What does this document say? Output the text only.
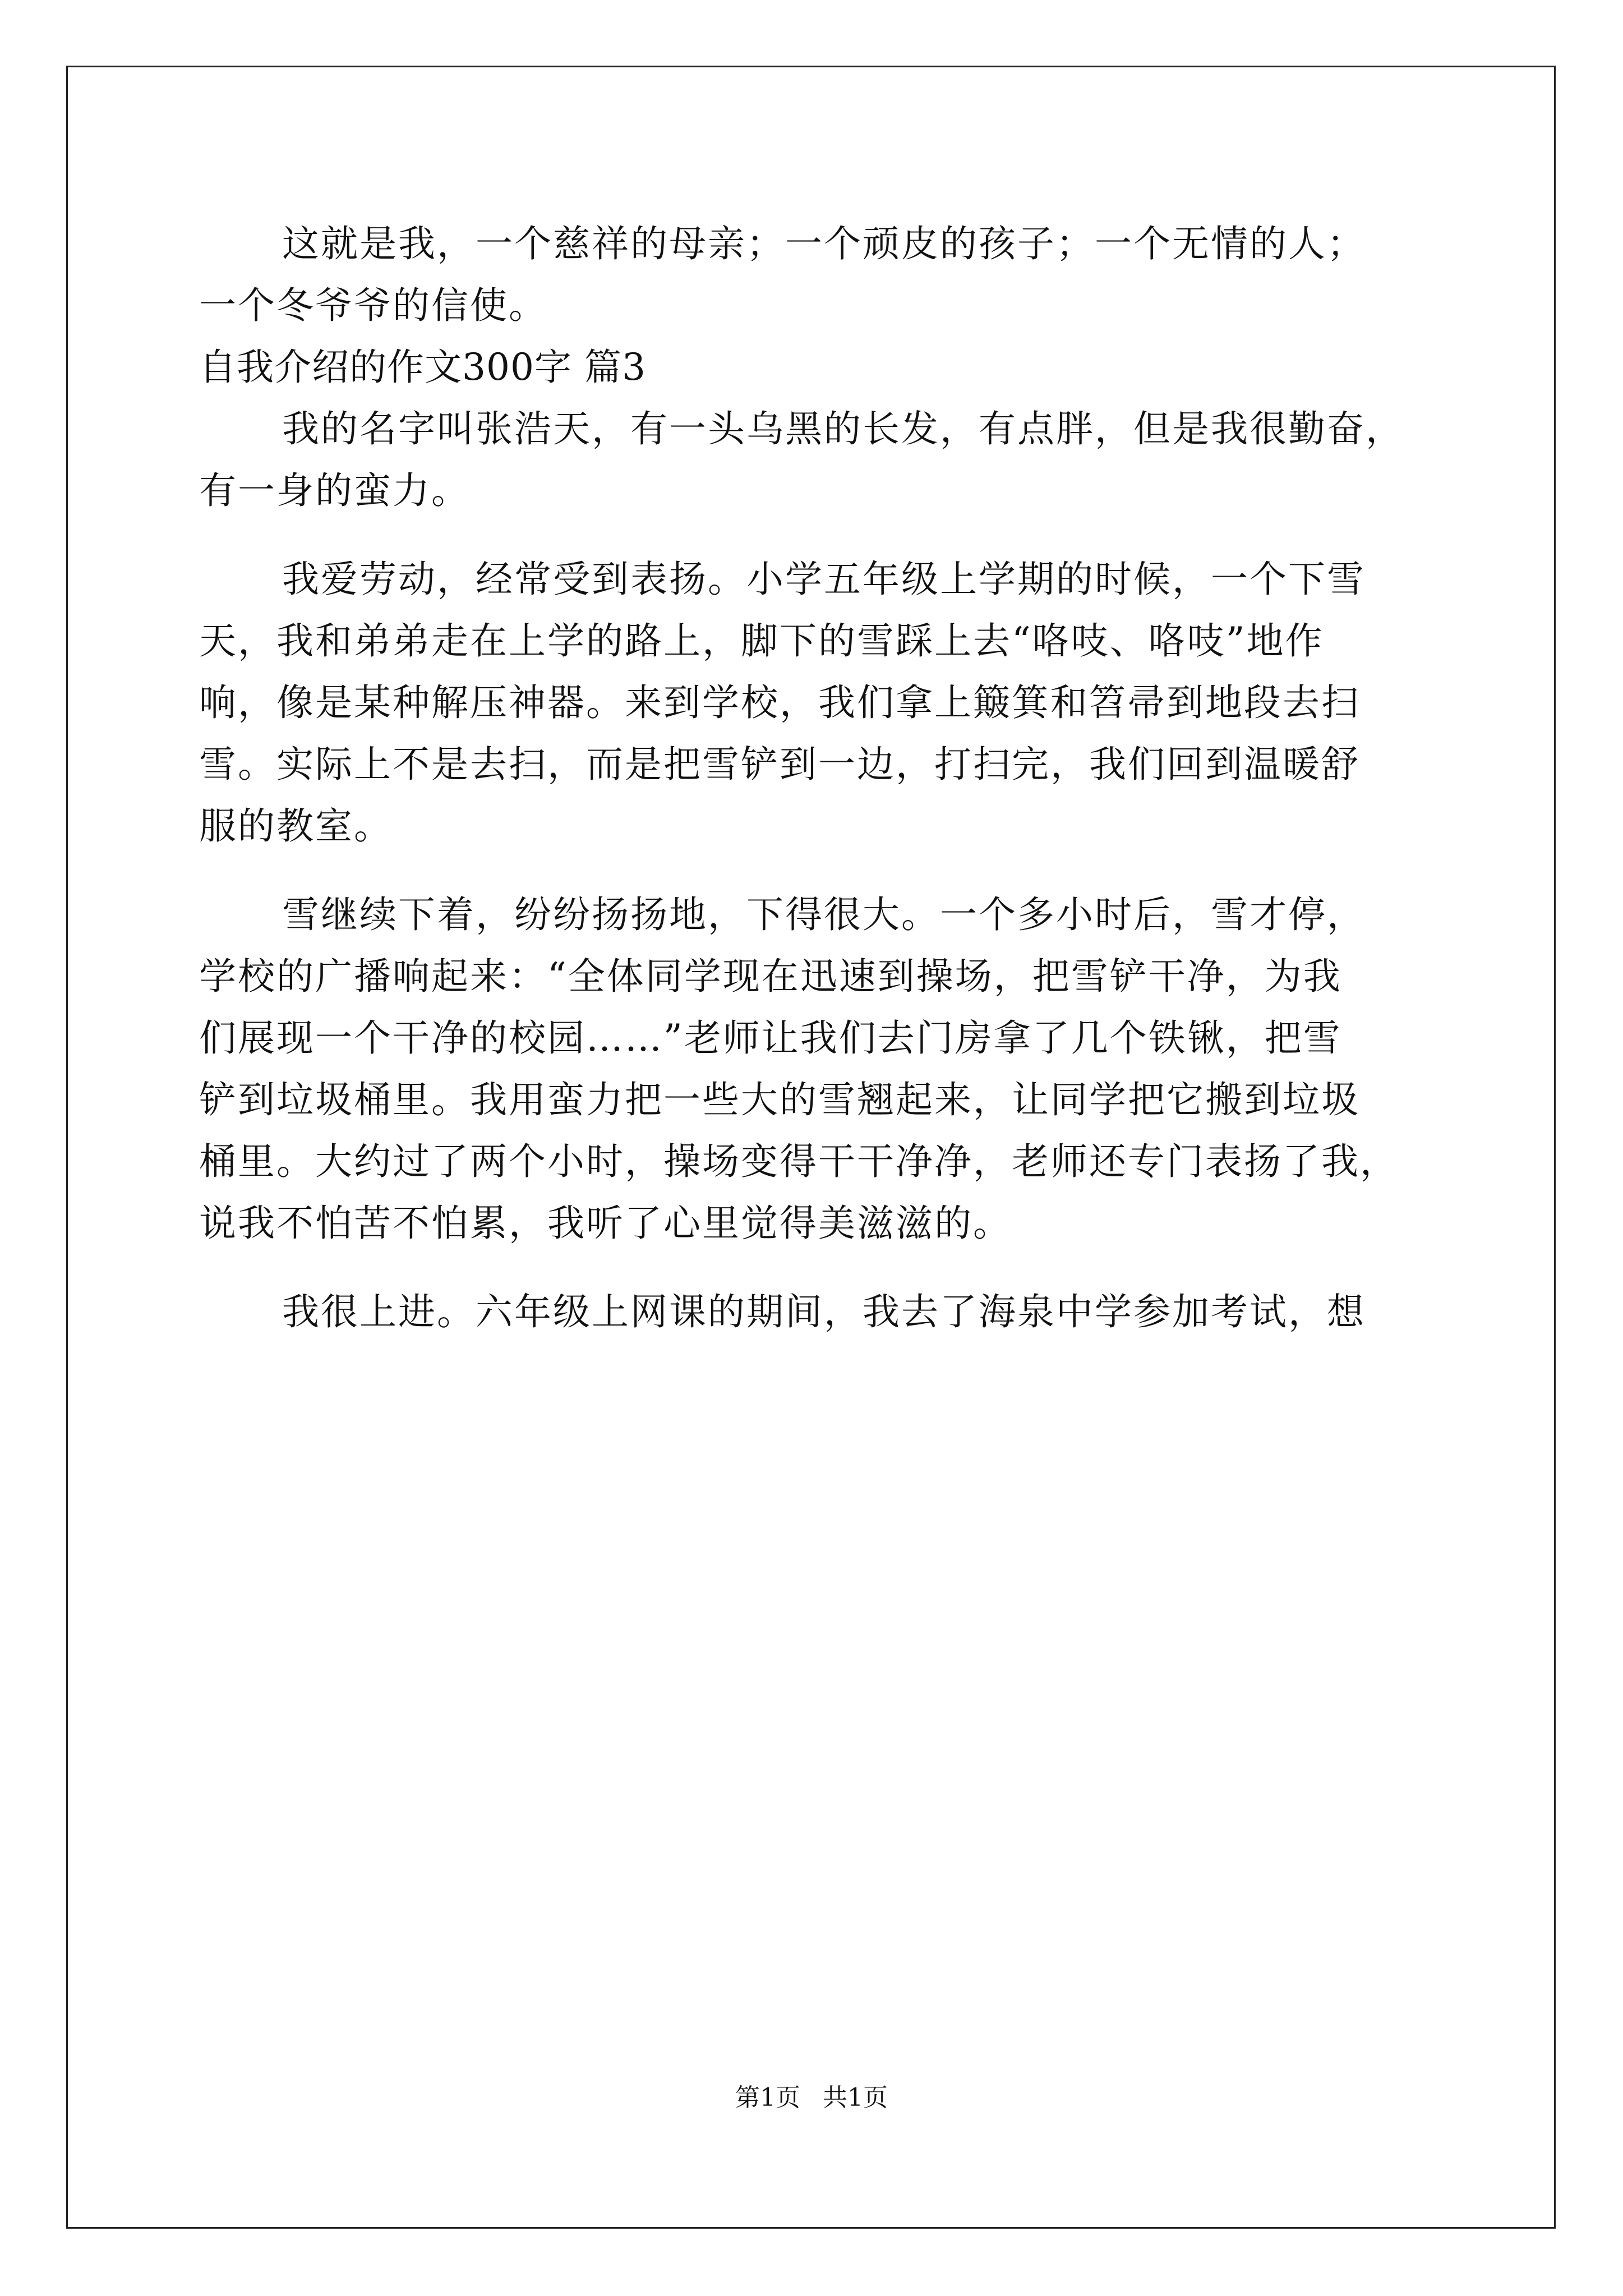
这就是我，一个慈祥的母亲；一个顽皮的孩子；一个无情的人；
一个冬爷爷的信使。
自我介绍的作文300字 篇3
我的名字叫张浩天，有一头乌黑的长发，有点胖，但是我很勤奋，
有一身的蛮力。
我爱劳动，经常受到表扬。小学五年级上学期的时候，一个下雪
天，我和弟弟走在上学的路上，脚下的雪踩上去“咯吱、咯吱”地作
响，像是某种解压神器。来到学校，我们拿上簸箕和笤帚到地段去扫
雪。实际上不是去扫，而是把雪铲到一边，打扫完，我们回到温暖舒
服的教室。
雪继续下着，纷纷扬扬地，下得很大。一个多小时后，雪才停，
学校的广播响起来：“全体同学现在迅速到操场，把雪铲干净，为我
们展现一个干净的校园……”老师让我们去门房拿了几个铁锹，把雪
铲到垃圾桶里。我用蛮力把一些大的雪翘起来，让同学把它搬到垃圾
桶里。大约过了两个小时，操场变得干干净净，老师还专门表扬了我，
说我不怕苦不怕累，我听了心里觉得美滋滋的。
我很上进。六年级上网课的期间，我去了海泉中学参加考试，想
第1页 共1页
